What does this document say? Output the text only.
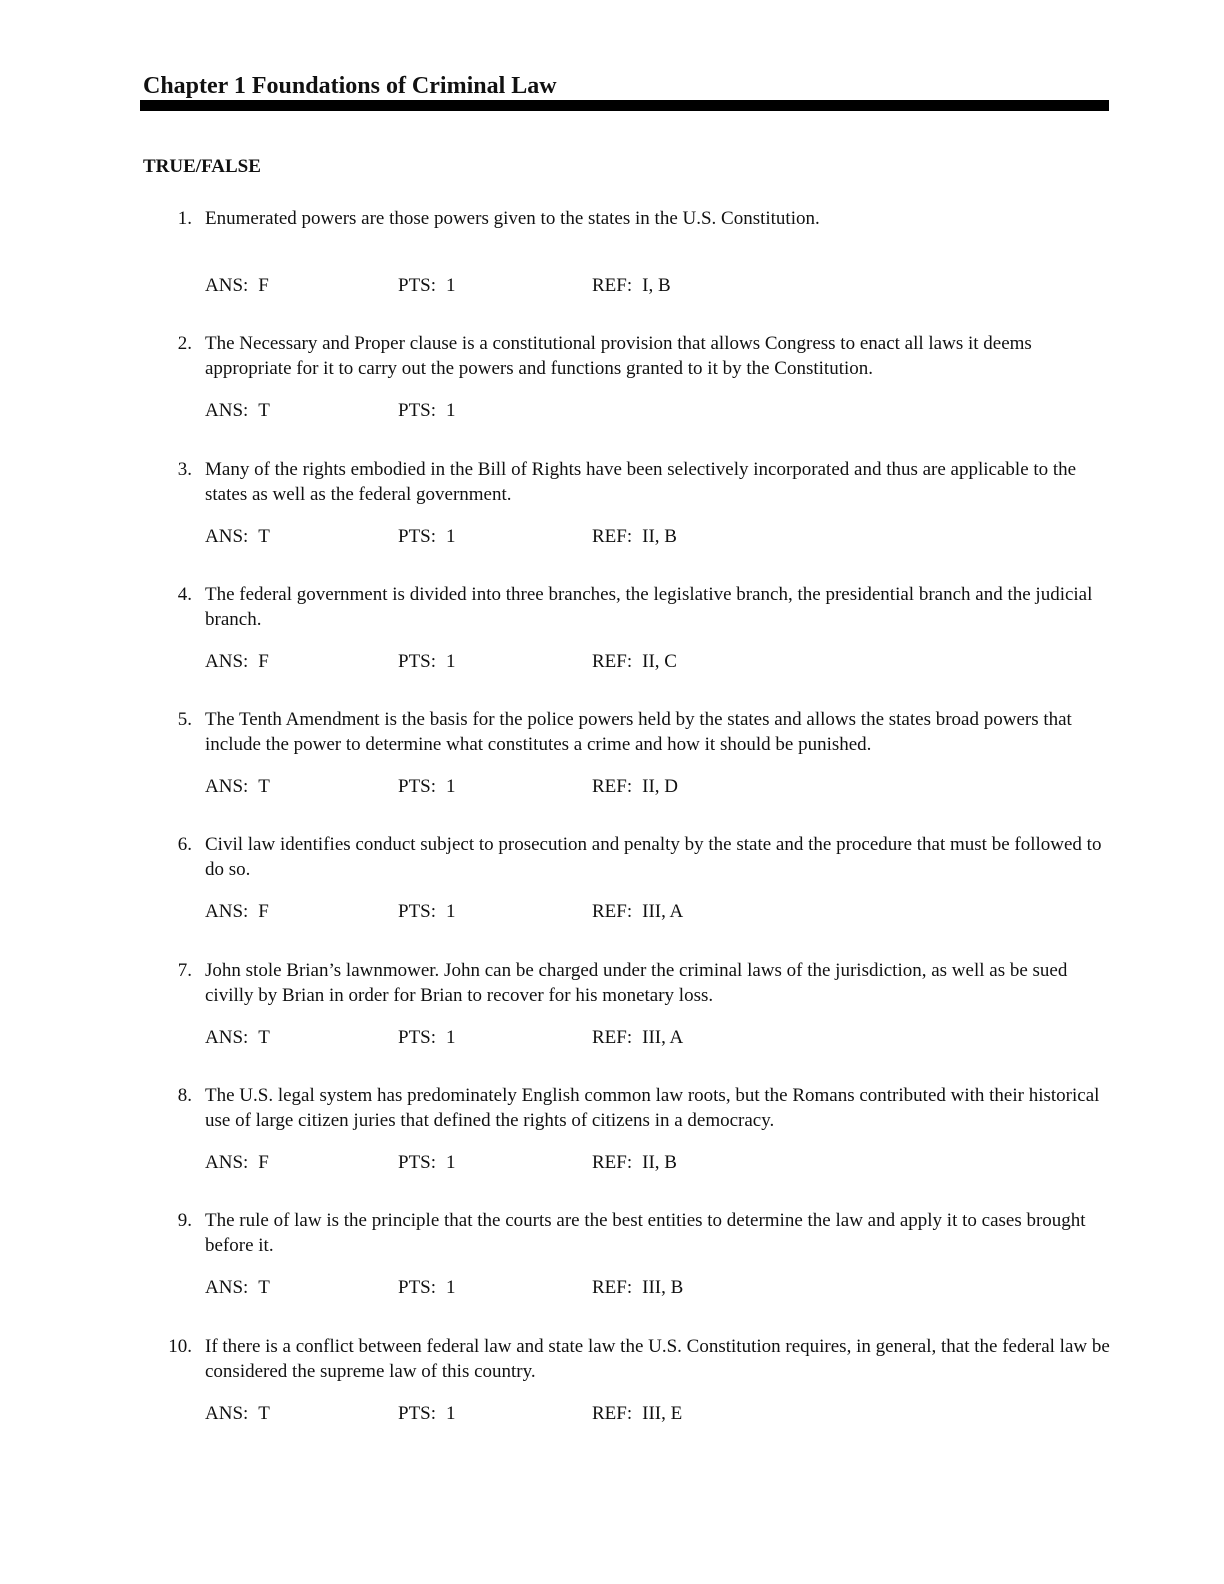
Chapter 1 Foundations of Criminal Law
TRUE/FALSE
1. Enumerated powers are those powers given to the states in the U.S. Constitution.
ANS: F	PTS: 1	REF: I, B
2. The Necessary and Proper clause is a constitutional provision that allows Congress to enact all laws it deems appropriate for it to carry out the powers and functions granted to it by the Constitution.
ANS: T	PTS: 1
3. Many of the rights embodied in the Bill of Rights have been selectively incorporated and thus are applicable to the states as well as the federal government.
ANS: T	PTS: 1	REF: II, B
4. The federal government is divided into three branches, the legislative branch, the presidential branch and the judicial branch.
ANS: F	PTS: 1	REF: II, C
5. The Tenth Amendment is the basis for the police powers held by the states and allows the states broad powers that include the power to determine what constitutes a crime and how it should be punished.
ANS: T	PTS: 1	REF: II, D
6. Civil law identifies conduct subject to prosecution and penalty by the state and the procedure that must be followed to do so.
ANS: F	PTS: 1	REF: III, A
7. John stole Brian’s lawnmower. John can be charged under the criminal laws of the jurisdiction, as well as be sued civilly by Brian in order for Brian to recover for his monetary loss.
ANS: T	PTS: 1	REF: III, A
8. The U.S. legal system has predominately English common law roots, but the Romans contributed with their historical use of large citizen juries that defined the rights of citizens in a democracy.
ANS: F	PTS: 1	REF: II, B
9. The rule of law is the principle that the courts are the best entities to determine the law and apply it to cases brought before it.
ANS: T	PTS: 1	REF: III, B
10. If there is a conflict between federal law and state law the U.S. Constitution requires, in general, that the federal law be considered the supreme law of this country.
ANS: T	PTS: 1	REF: III, E
